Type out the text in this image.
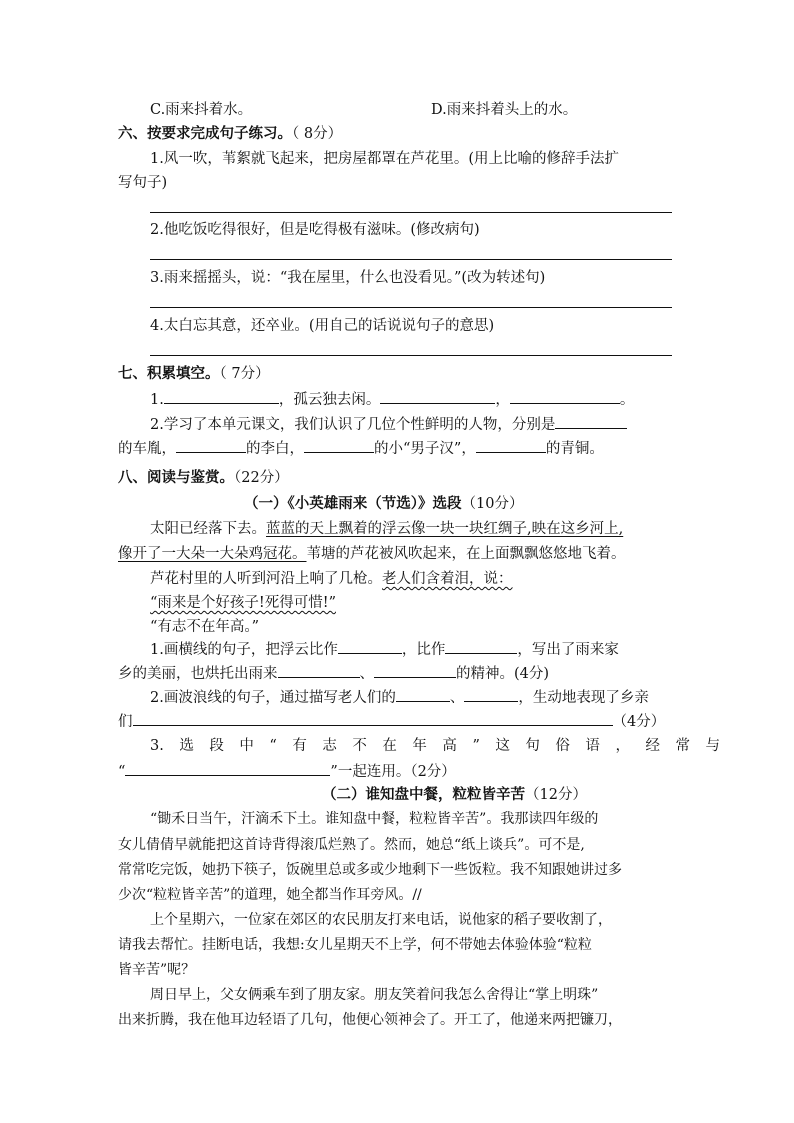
C.雨来抖着水。	D.雨来抖着头上的水。
六、按要求完成句子练习。（ 8分）
1.风一吹，苇絮就飞起来，把房屋都罩在芦花里。(用上比喻的修辞手法扩
写句子)
2.他吃饭吃得很好，但是吃得极有滋味。(修改病句)
3.雨来摇摇头，说：“我在屋里，什么也没看见。”(改为转述句)
4.太白忘其意，还卒业。(用自己的话说说句子的意思)
七、积累填空。（ 7分）
1.	，孤云独去闲。	，	。
2.学习了本单元课文，我们认识了几位个性鲜明的人物，分别是
的车胤，	的李白，	的小“男子汉”，	的青铜。
八、阅读与鉴赏。（22分）
（一）《小英雄雨来（节选）》选段（10分）
太阳已经落下去。蓝蓝的天上飘着的浮云像一块一块红绸子,映在这乡河上,
像开了一大朵一大朵鸡冠花。苇塘的芦花被风吹起来，在上面飘飘悠悠地飞着。
芦花村里的人听到河沿上响了几枪。老人们含着泪，说：
“雨来是个好孩子!死得可惜!”
“有志不在年高。”
1.画横线的句子，把浮云比作	，比作	，写出了雨来家
乡的美丽，也烘托出雨来	、	的精神。(4分)
2.画波浪线的句子，通过描写老人们的	、	，生动地表现了乡亲
们	（4分）
3. 选 段 中 “ 有 志 不 在 年 高 ” 这 句 俗 语 ， 经 常 与
“	”一起连用。（2分）
（二）谁知盘中餐，粒粒皆辛苦（12分）
“锄禾日当午，汗滴禾下土。谁知盘中餐，粒粒皆辛苦”。我那读四年级的
女儿倩倩早就能把这首诗背得滚瓜烂熟了。然而，她总“纸上谈兵”。可不是,
常常吃完饭，她扔下筷子，饭碗里总或多或少地剩下一些饭粒。我不知跟她讲过多
少次“粒粒皆辛苦”的道理，她全都当作耳旁风。//
上个星期六，一位家在郊区的农民朋友打来电话，说他家的稻子要收割了，
请我去帮忙。挂断电话，我想:女儿星期天不上学，何不带她去体验体验“粒粒
皆辛苦”呢？
周日早上，父女俩乘车到了朋友家。朋友笑着问我怎么舍得让“掌上明珠”
出来折腾，我在他耳边轻语了几句，他便心领神会了。开工了，他递来两把镰刀，
